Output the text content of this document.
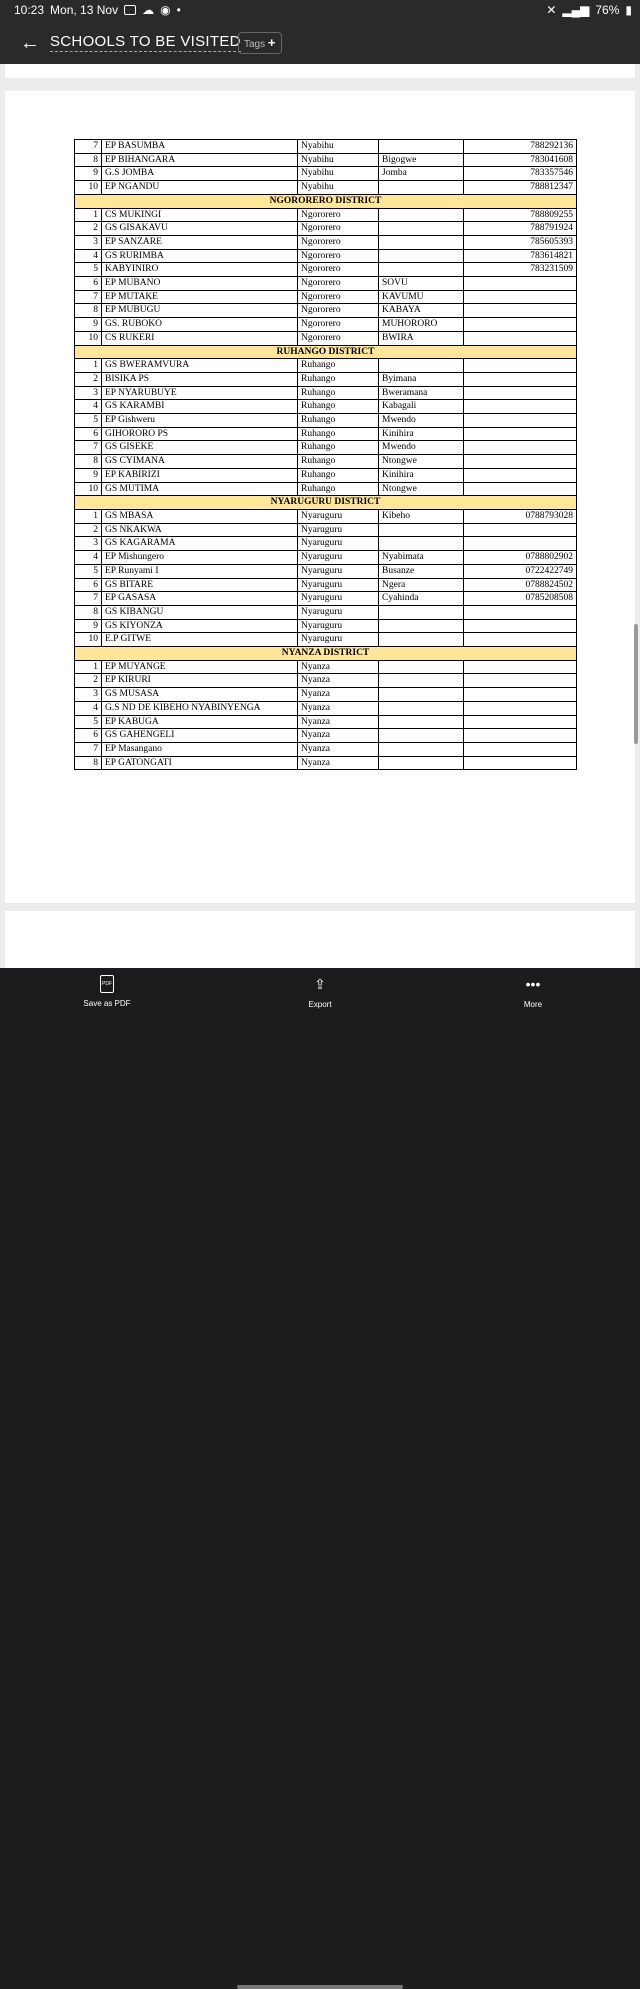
10:23 Mon, 13 Nov ☁ ◉ •	✕ ▂▄▆ 76% ▮
← SCHOOLS TO BE VISITED Tags +
7	EP BASUMBA	Nyabihu		788292136
8	EP BIHANGARA	Nyabihu	Bigogwe	783041608
9	G.S JOMBA	Nyabihu	Jomba	783357546
10	EP NGANDU	Nyabihu		788812347
NGORORERO DISTRICT				
1	CS MUKINGI	Ngororero		788809255
2	GS GISAKAVU	Ngororero		788791924
3	EP SANZARE	Ngororero		785605393
4	GS RURIMBA	Ngororero		783614821
5	KABYINIRO	Ngororero		783231509
6	EP MUBANO	Ngororero	SOVU	
7	EP MUTAKE	Ngororero	KAVUMU	
8	EP MUBUGU	Ngororero	KABAYA	
9	GS. RUBOKO	Ngororero	MUHORORO	
10	CS RUKERI	Ngororero	BWIRA	
RUHANGO DISTRICT				
1	GS BWERAMVURA	Ruhango		
2	BISIKA PS	Ruhango	Byimana	
3	EP NYARUBUYE	Ruhango	Bweramana	
4	GS KARAMBI	Ruhango	Kabagali	
5	EP Gishweru	Ruhango	Mwendo	
6	GIHORORO PS	Ruhango	Kinihira	
7	GS GISEKE	Ruhango	Mwendo	
8	GS CYIMANA	Ruhango	Ntongwe	
9	EP KABIRIZI	Ruhango	Kinihira	
10	GS MUTIMA	Ruhango	Ntongwe	
NYARUGURU DISTRICT				
1	GS MBASA	Nyaruguru	Kibeho	0788793028
2	GS NKAKWA	Nyaruguru		
3	GS KAGARAMA	Nyaruguru		
4	EP Mishungero	Nyaruguru	Nyabimata	0788802902
5	EP Runyami I	Nyaruguru	Busanze	0722422749
6	GS BITARE	Nyaruguru	Ngera	0788824502
7	EP GASASA	Nyaruguru	Cyahinda	0785208508
8	GS KIBANGU	Nyaruguru		
9	GS KIYONZA	Nyaruguru		
10	E.P GITWE	Nyaruguru		
NYANZA DISTRICT				
1	EP MUYANGE	Nyanza		
2	EP KIRURI	Nyanza		
3	GS MUSASA	Nyanza		
4	G.S ND DE KIBEHO NYABINYENGA	Nyanza		
5	EP KABUGA	Nyanza		
6	GS GAHENGELI	Nyanza		
7	EP Masangano	Nyanza		
8	EP GATONGATI	Nyanza		
PDF
Save as PDF
⇪
Export
•••
More
